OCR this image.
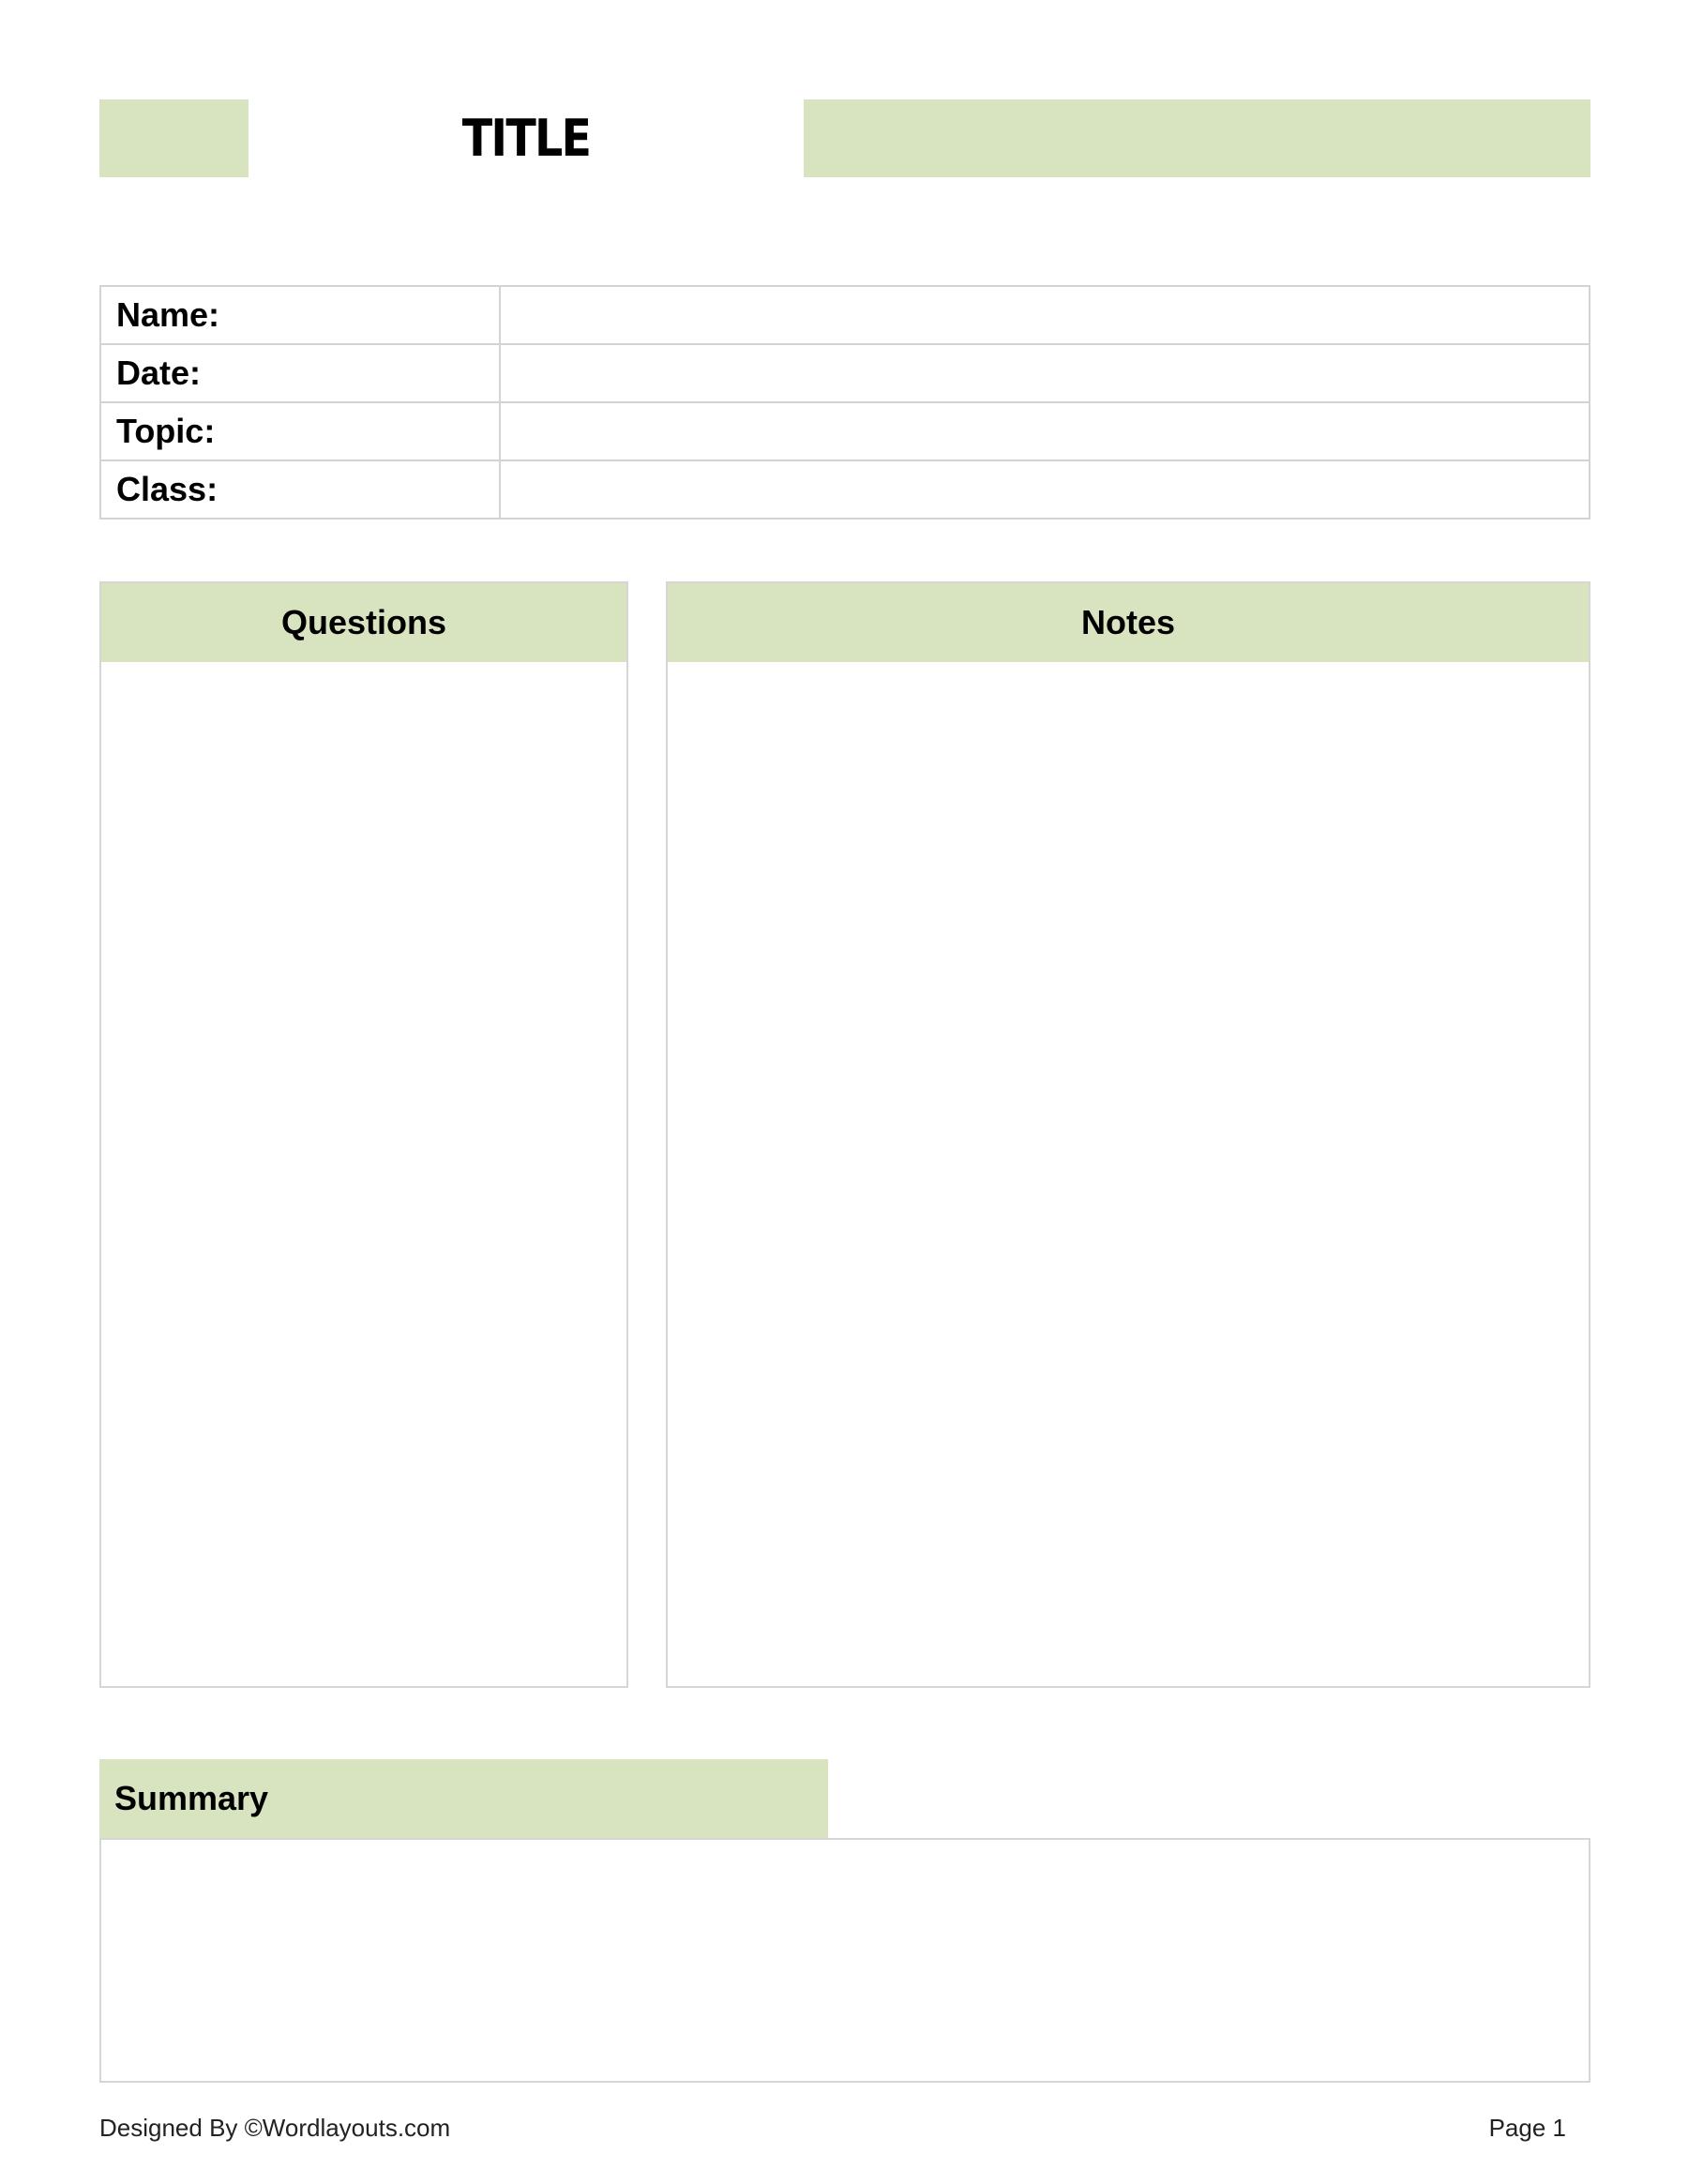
TITLE
Name:	
Date:	
Topic:	
Class:	
Questions	Notes
Summary
Designed By ©Wordlayouts.com	Page 1
